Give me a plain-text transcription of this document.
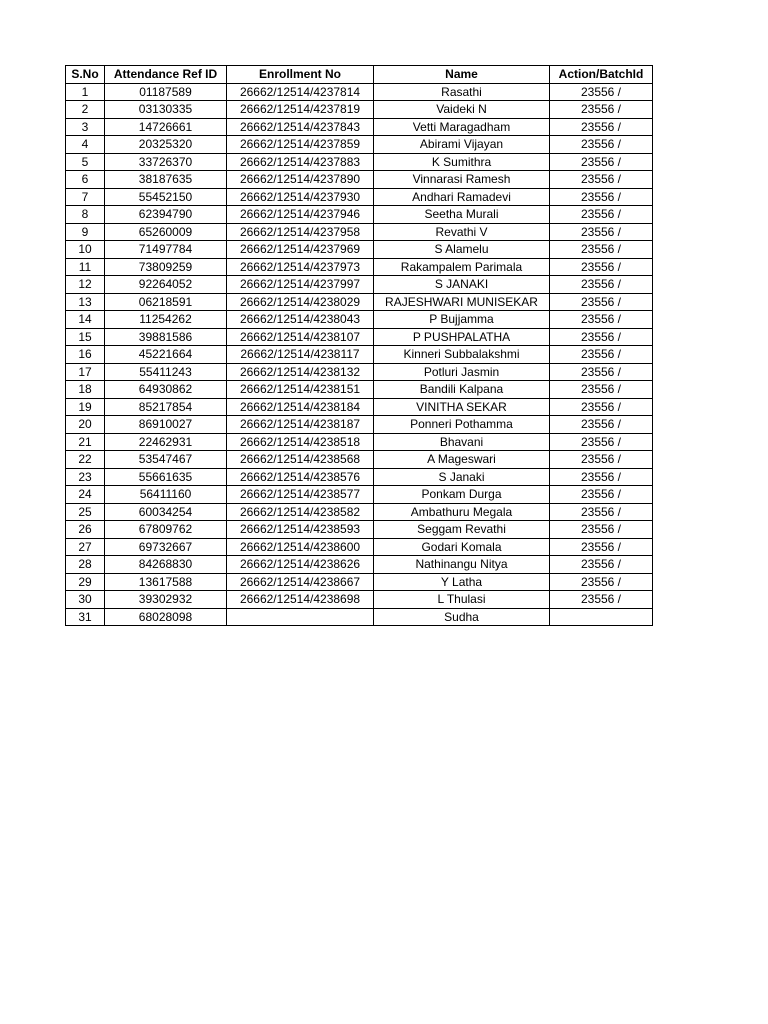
S.No	Attendance Ref ID	Enrollment No	Name	Action/BatchId
1	01187589	26662/12514/4237814	Rasathi	23556 /
2	03130335	26662/12514/4237819	Vaideki N	23556 /
3	14726661	26662/12514/4237843	Vetti Maragadham	23556 /
4	20325320	26662/12514/4237859	Abirami Vijayan	23556 /
5	33726370	26662/12514/4237883	K Sumithra	23556 /
6	38187635	26662/12514/4237890	Vinnarasi Ramesh	23556 /
7	55452150	26662/12514/4237930	Andhari Ramadevi	23556 /
8	62394790	26662/12514/4237946	Seetha Murali	23556 /
9	65260009	26662/12514/4237958	Revathi V	23556 /
10	71497784	26662/12514/4237969	S Alamelu	23556 /
11	73809259	26662/12514/4237973	Rakampalem Parimala	23556 /
12	92264052	26662/12514/4237997	S JANAKI	23556 /
13	06218591	26662/12514/4238029	RAJESHWARI MUNISEKAR	23556 /
14	11254262	26662/12514/4238043	P Bujjamma	23556 /
15	39881586	26662/12514/4238107	P PUSHPALATHA	23556 /
16	45221664	26662/12514/4238117	Kinneri Subbalakshmi	23556 /
17	55411243	26662/12514/4238132	Potluri Jasmin	23556 /
18	64930862	26662/12514/4238151	Bandili Kalpana	23556 /
19	85217854	26662/12514/4238184	VINITHA SEKAR	23556 /
20	86910027	26662/12514/4238187	Ponneri Pothamma	23556 /
21	22462931	26662/12514/4238518	Bhavani	23556 /
22	53547467	26662/12514/4238568	A Mageswari	23556 /
23	55661635	26662/12514/4238576	S Janaki	23556 /
24	56411160	26662/12514/4238577	Ponkam Durga	23556 /
25	60034254	26662/12514/4238582	Ambathuru Megala	23556 /
26	67809762	26662/12514/4238593	Seggam Revathi	23556 /
27	69732667	26662/12514/4238600	Godari Komala	23556 /
28	84268830	26662/12514/4238626	Nathinangu Nitya	23556 /
29	13617588	26662/12514/4238667	Y Latha	23556 /
30	39302932	26662/12514/4238698	L Thulasi	23556 /
31	68028098		Sudha	
